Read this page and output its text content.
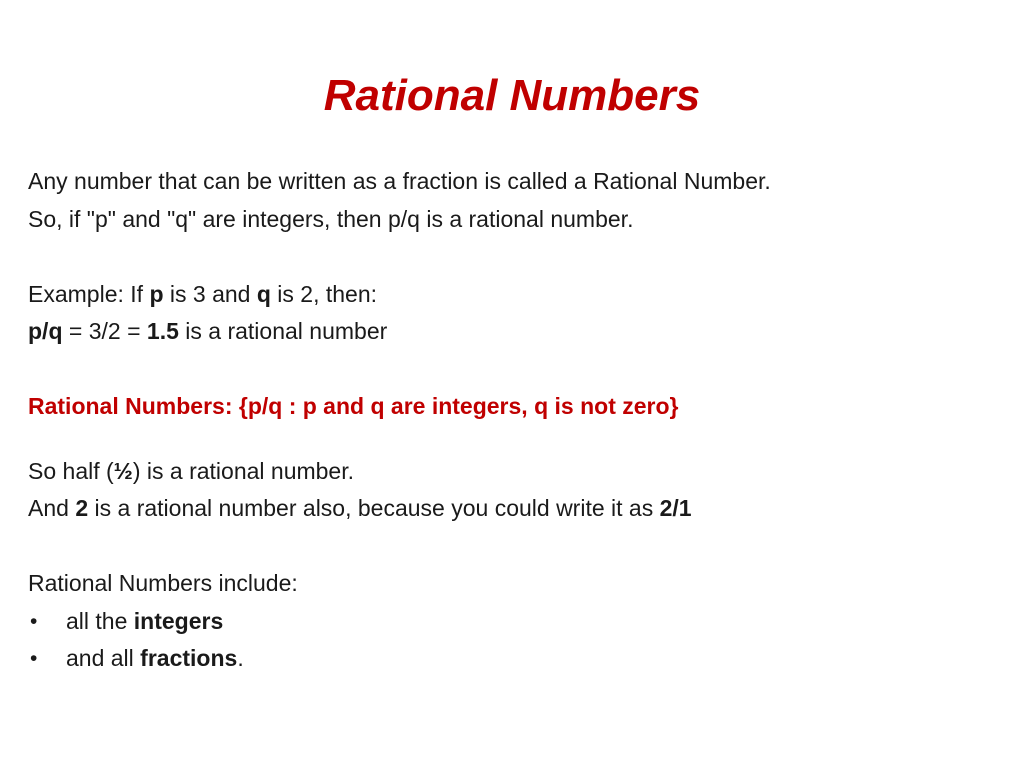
Rational Numbers
Any number that can be written as a fraction is called a Rational Number.
So, if "p" and "q" are integers, then p/q is a rational number.
Example: If p is 3 and q is 2, then:
p/q = 3/2 = 1.5 is a rational number
Rational Numbers: {p/q : p and q are integers, q is not zero}
So half (½) is a rational number.
And 2 is a rational number also, because you could write it as 2/1
Rational Numbers include:
• all the integers
• and all fractions.
